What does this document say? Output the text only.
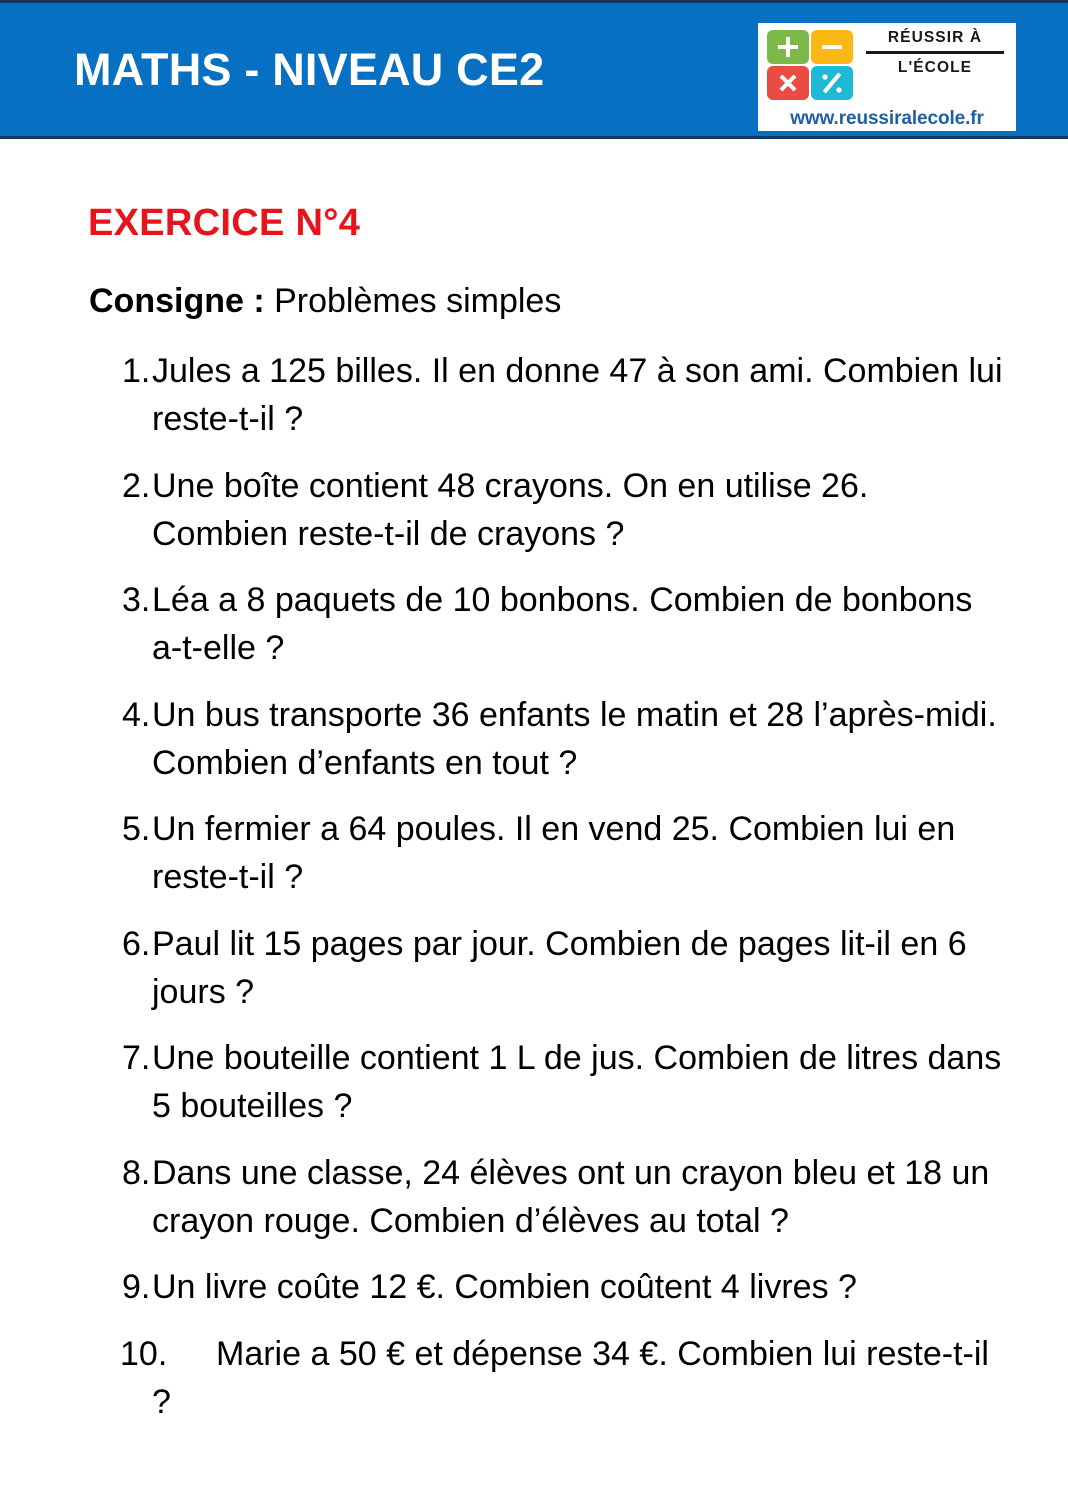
MATHS - NIVEAU CE2
RÉUSSIR À
L'ÉCOLE
www.reussiralecole.fr
EXERCICE N°4
Consigne : Problèmes simples
1. Jules a 125 billes. Il en donne 47 à son ami. Combien lui reste-t-il ?
2. Une boîte contient 48 crayons. On en utilise 26. Combien reste-t-il de crayons ?
3. Léa a 8 paquets de 10 bonbons. Combien de bonbons a-t-elle ?
4. Un bus transporte 36 enfants le matin et 28 l’après-midi. Combien d’enfants en tout ?
5. Un fermier a 64 poules. Il en vend 25. Combien lui en reste-t-il ?
6. Paul lit 15 pages par jour. Combien de pages lit-il en 6 jours ?
7. Une bouteille contient 1 L de jus. Combien de litres dans 5 bouteilles ?
8. Dans une classe, 24 élèves ont un crayon bleu et 18 un crayon rouge. Combien d’élèves au total ?
9. Un livre coûte 12 €. Combien coûtent 4 livres ?
10. Marie a 50 € et dépense 34 €. Combien lui reste-t-il ?
